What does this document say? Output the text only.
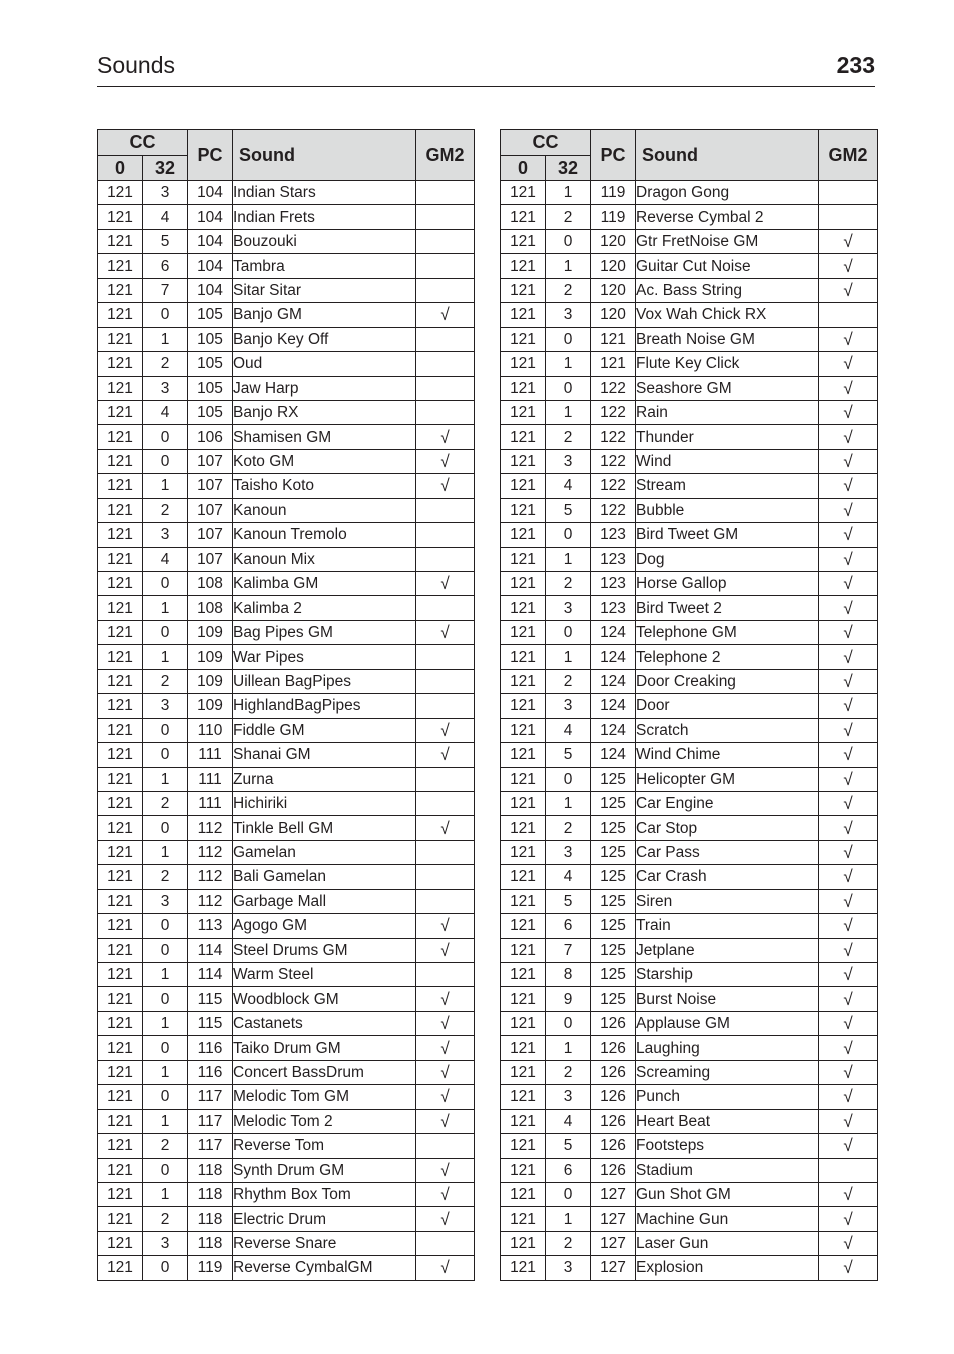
Sounds	233
CC		PC	Sound	GM2
0	32			
121	3	104	Indian Stars	
121	4	104	Indian Frets	
121	5	104	Bouzouki	
121	6	104	Tambra	
121	7	104	Sitar Sitar	
121	0	105	Banjo GM	√
121	1	105	Banjo Key Off	
121	2	105	Oud	
121	3	105	Jaw Harp	
121	4	105	Banjo RX	
121	0	106	Shamisen GM	√
121	0	107	Koto GM	√
121	1	107	Taisho Koto	√
121	2	107	Kanoun	
121	3	107	Kanoun Tremolo	
121	4	107	Kanoun Mix	
121	0	108	Kalimba GM	√
121	1	108	Kalimba 2	
121	0	109	Bag Pipes GM	√
121	1	109	War Pipes	
121	2	109	Uillean BagPipes	
121	3	109	HighlandBagPipes	
121	0	110	Fiddle GM	√
121	0	111	Shanai GM	√
121	1	111	Zurna	
121	2	111	Hichiriki	
121	0	112	Tinkle Bell GM	√
121	1	112	Gamelan	
121	2	112	Bali Gamelan	
121	3	112	Garbage Mall	
121	0	113	Agogo GM	√
121	0	114	Steel Drums GM	√
121	1	114	Warm Steel	
121	0	115	Woodblock GM	√
121	1	115	Castanets	√
121	0	116	Taiko Drum GM	√
121	1	116	Concert BassDrum	√
121	0	117	Melodic Tom GM	√
121	1	117	Melodic Tom 2	√
121	2	117	Reverse Tom	
121	0	118	Synth Drum GM	√
121	1	118	Rhythm Box Tom	√
121	2	118	Electric Drum	√
121	3	118	Reverse Snare	
121	0	119	Reverse CymbalGM	√
CC		PC	Sound	GM2
0	32			
121	1	119	Dragon Gong	
121	2	119	Reverse Cymbal 2	
121	0	120	Gtr FretNoise GM	√
121	1	120	Guitar Cut Noise	√
121	2	120	Ac. Bass String	√
121	3	120	Vox Wah Chick RX	
121	0	121	Breath Noise GM	√
121	1	121	Flute Key Click	√
121	0	122	Seashore GM	√
121	1	122	Rain	√
121	2	122	Thunder	√
121	3	122	Wind	√
121	4	122	Stream	√
121	5	122	Bubble	√
121	0	123	Bird Tweet GM	√
121	1	123	Dog	√
121	2	123	Horse Gallop	√
121	3	123	Bird Tweet 2	√
121	0	124	Telephone GM	√
121	1	124	Telephone 2	√
121	2	124	Door Creaking	√
121	3	124	Door	√
121	4	124	Scratch	√
121	5	124	Wind Chime	√
121	0	125	Helicopter GM	√
121	1	125	Car Engine	√
121	2	125	Car Stop	√
121	3	125	Car Pass	√
121	4	125	Car Crash	√
121	5	125	Siren	√
121	6	125	Train	√
121	7	125	Jetplane	√
121	8	125	Starship	√
121	9	125	Burst Noise	√
121	0	126	Applause GM	√
121	1	126	Laughing	√
121	2	126	Screaming	√
121	3	126	Punch	√
121	4	126	Heart Beat	√
121	5	126	Footsteps	√
121	6	126	Stadium	
121	0	127	Gun Shot GM	√
121	1	127	Machine Gun	√
121	2	127	Laser Gun	√
121	3	127	Explosion	√
